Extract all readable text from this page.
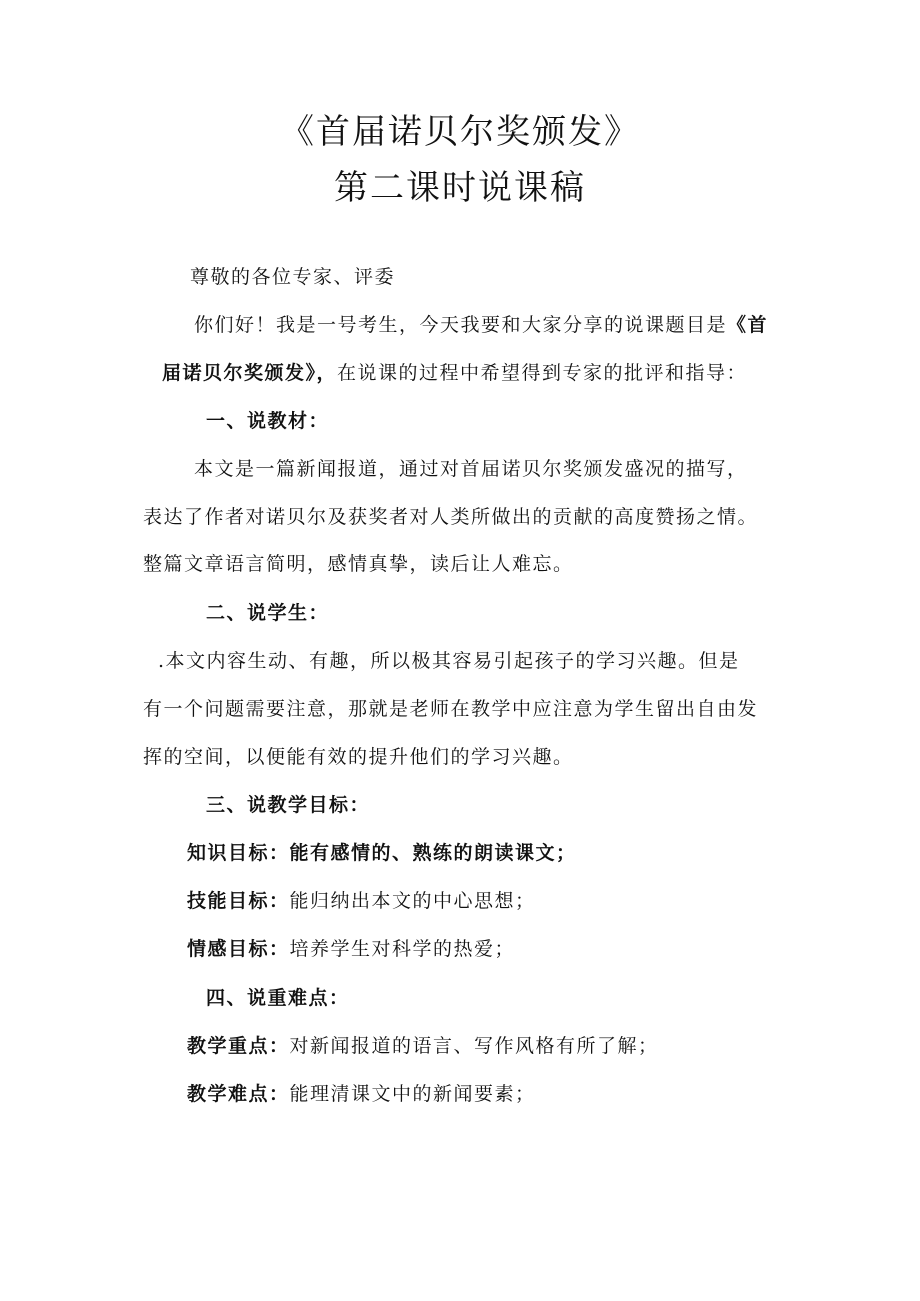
《首届诺贝尔奖颁发》
第二课时说课稿

尊敬的各位专家、评委

你们好！我是一号考生，今天我要和大家分享的说课题目是《首

届诺贝尔奖颁发》，在说课的过程中希望得到专家的批评和指导：

一、说教材：

本文是一篇新闻报道，通过对首届诺贝尔奖颁发盛况的描写，

表达了作者对诺贝尔及获奖者对人类所做出的贡献的高度赞扬之情。

整篇文章语言简明，感情真挚，读后让人难忘。

二、说学生：

.本文内容生动、有趣，所以极其容易引起孩子的学习兴趣。但是

有一个问题需要注意，那就是老师在教学中应注意为学生留出自由发

挥的空间，以便能有效的提升他们的学习兴趣。

三、说教学目标：

知识目标：能有感情的、熟练的朗读课文；

技能目标：能归纳出本文的中心思想；

情感目标：培养学生对科学的热爱；

四、说重难点：

教学重点：对新闻报道的语言、写作风格有所了解；

教学难点：能理清课文中的新闻要素；
